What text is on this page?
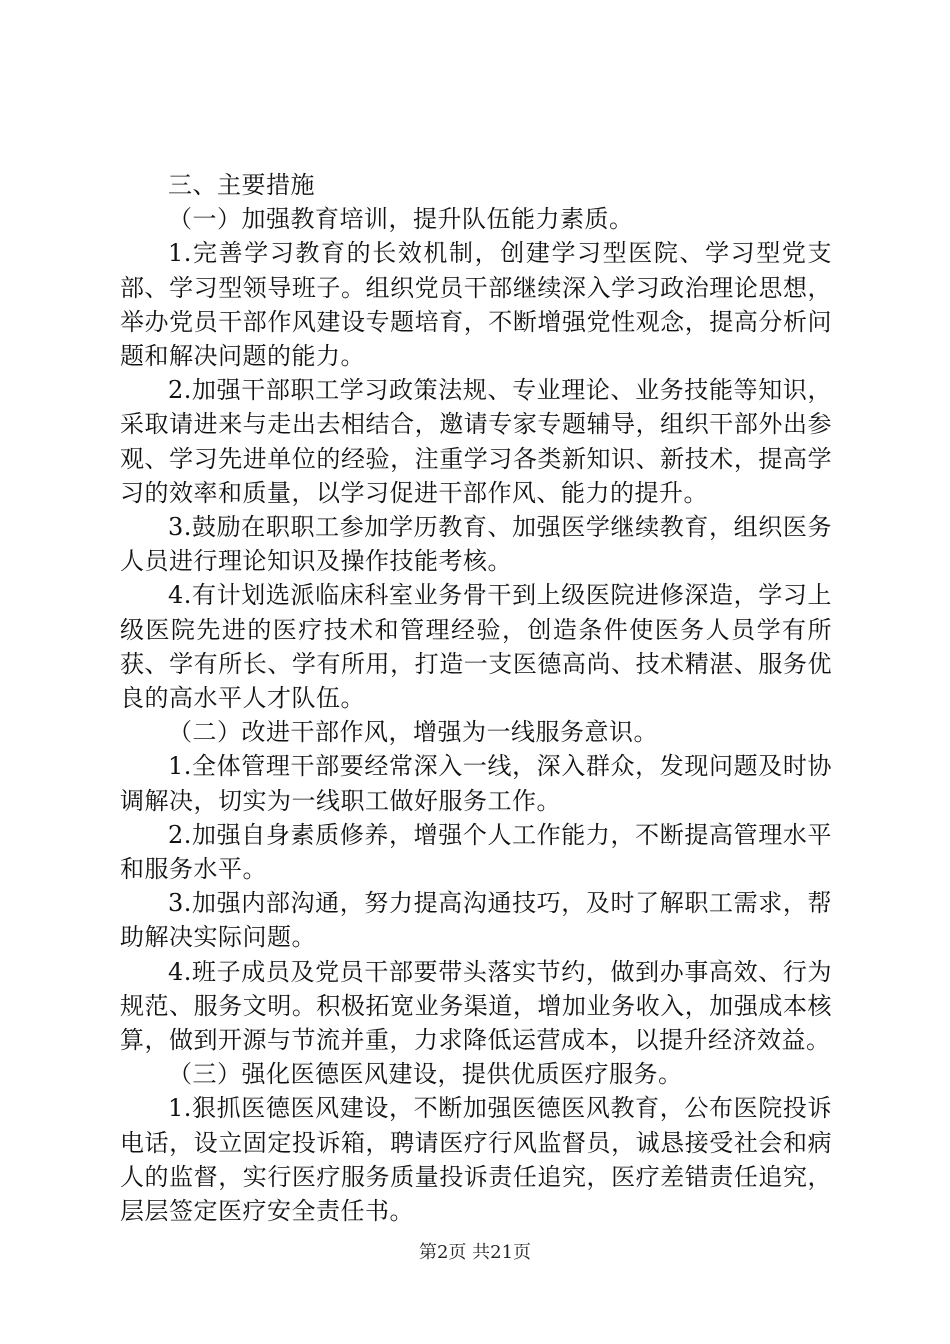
三、主要措施

（一）加强教育培训，提升队伍能力素质。

1.完善学习教育的长效机制，创建学习型医院、学习型党支部、学习型领导班子。组织党员干部继续深入学习政治理论思想，举办党员干部作风建设专题培育，不断增强党性观念，提高分析问题和解决问题的能力。

2.加强干部职工学习政策法规、专业理论、业务技能等知识，采取请进来与走出去相结合，邀请专家专题辅导，组织干部外出参观、学习先进单位的经验，注重学习各类新知识、新技术，提高学习的效率和质量，以学习促进干部作风、能力的提升。

3.鼓励在职职工参加学历教育、加强医学继续教育，组织医务人员进行理论知识及操作技能考核。

4.有计划选派临床科室业务骨干到上级医院进修深造，学习上级医院先进的医疗技术和管理经验，创造条件使医务人员学有所获、学有所长、学有所用，打造一支医德高尚、技术精湛、服务优良的高水平人才队伍。

（二）改进干部作风，增强为一线服务意识。

1.全体管理干部要经常深入一线，深入群众，发现问题及时协调解决，切实为一线职工做好服务工作。

2.加强自身素质修养，增强个人工作能力，不断提高管理水平和服务水平。

3.加强内部沟通，努力提高沟通技巧，及时了解职工需求，帮助解决实际问题。

4.班子成员及党员干部要带头落实节约，做到办事高效、行为规范、服务文明。积极拓宽业务渠道，增加业务收入，加强成本核算，做到开源与节流并重，力求降低运营成本，以提升经济效益。

（三）强化医德医风建设，提供优质医疗服务。

1.狠抓医德医风建设，不断加强医德医风教育，公布医院投诉电话，设立固定投诉箱，聘请医疗行风监督员，诚恳接受社会和病人的监督，实行医疗服务质量投诉责任追究，医疗差错责任追究，层层签定医疗安全责任书。

第2页 共21页
